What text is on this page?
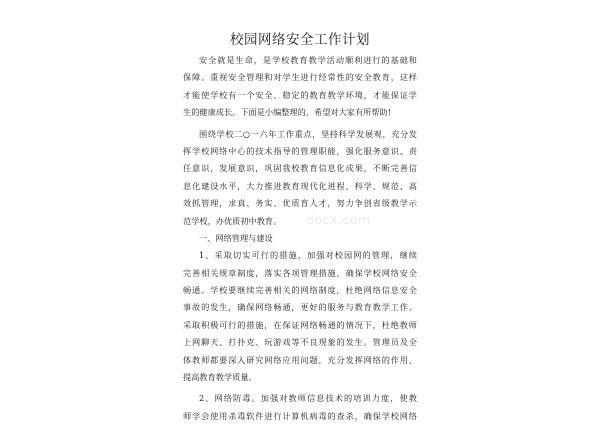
校园网络安全工作计划
安全就是生命，是学校教育教学活动顺利进行的基础和
保障。重视安全管理和对学生进行经常性的安全教育，这样
才能使学校有一个安全、稳定的教育教学环境，才能保证学
生的健康成长。下面是小编整理的，希望对大家有所帮助!
围绕学校二○一六年工作重点，坚持科学发展观，充分发
挥学校网络中心的技术指导的管理职能，强化服务意识、责
任意识，发展意识，巩固我校教育信息化成果，不断完善信
息化建设水平，大力推进教育现代化进程，科学、规范、高
效抓管理，求真、务实、优质育人才，努力争创省级教学示
范学校，办优质初中教育。
一、网络管理与建设
1、采取切实可行的措施，加强对校园网的管理，继续
完善相关规章制度，落实各项管理措施，确保学校网络安全
畅通。学校要继续完善相关的网络制度，杜绝网络信息安全
事故的发生，确保网络畅通，更好的服务与教育教学工作。
采取积极可行的措施，在保证网络畅通的情况下，杜绝教师
上网聊天、打扑克、玩游戏等不良现象的发生。管理员及全
体教师都要深入研究网络应用问题，充分发挥网络的作用，
提高教育教学质量。
2、网络防毒。加强对教师信息技术的培训力度，使教
师学会使用杀毒软件进行计算机病毒的查杀，确保学校网络
docx.com
